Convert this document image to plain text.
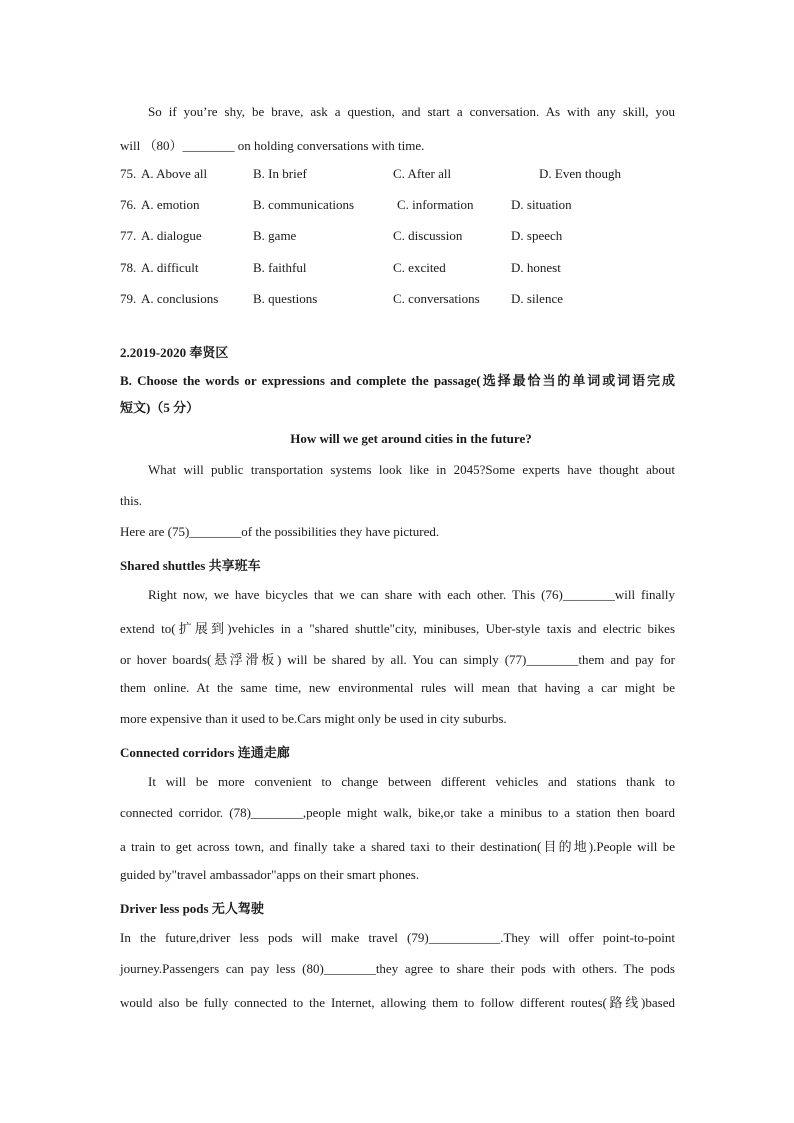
So if you’re shy, be brave, ask a question, and start a conversation. As with any skill, you
will （80）________ on holding conversations with time.
75. A. Above all	B. In brief	C. After all	D. Even though
76. A. emotion	B. communications	C. information	D. situation
77. A. dialogue	B. game	C. discussion	D. speech
78. A. difficult	B. faithful	C. excited	D. honest
79. A. conclusions	B. questions	C. conversations D. silence
2.2019-2020 奉贤区
B. Choose the words or expressions and complete the passage(选择最恰当的单词或词语完成
短文)（5 分）
How will we get around cities in the future?
What will public transportation systems look like in 2045?Some experts have thought about
this.
Here are (75)________of the possibilities they have pictured.
Shared shuttles 共享班车
Right now, we have bicycles that we can share with each other. This (76)________will finally
extend to(扩展到)vehicles in a "shared shuttle"city, minibuses, Uber-style taxis and electric bikes
or hover boards(悬浮滑板) will be shared by all. You can simply (77)________them and pay for
them online. At the same time, new environmental rules will mean that having a car might be
more expensive than it used to be.Cars might only be used in city suburbs.
Connected corridors 连通走廊
It will be more convenient to change between different vehicles and stations thank to
connected corridor. (78)________,people might walk, bike,or take a minibus to a station then board
a train to get across town, and finally take a shared taxi to their destination(目的地).People will be
guided by"travel ambassador"apps on their smart phones.
Driver less pods 无人驾驶
In the future,driver less pods will make travel (79)___________.They will offer point-to-point
journey.Passengers can pay less (80)________they agree to share their pods with others. The pods
would also be fully connected to the Internet, allowing them to follow different routes(路线)based
